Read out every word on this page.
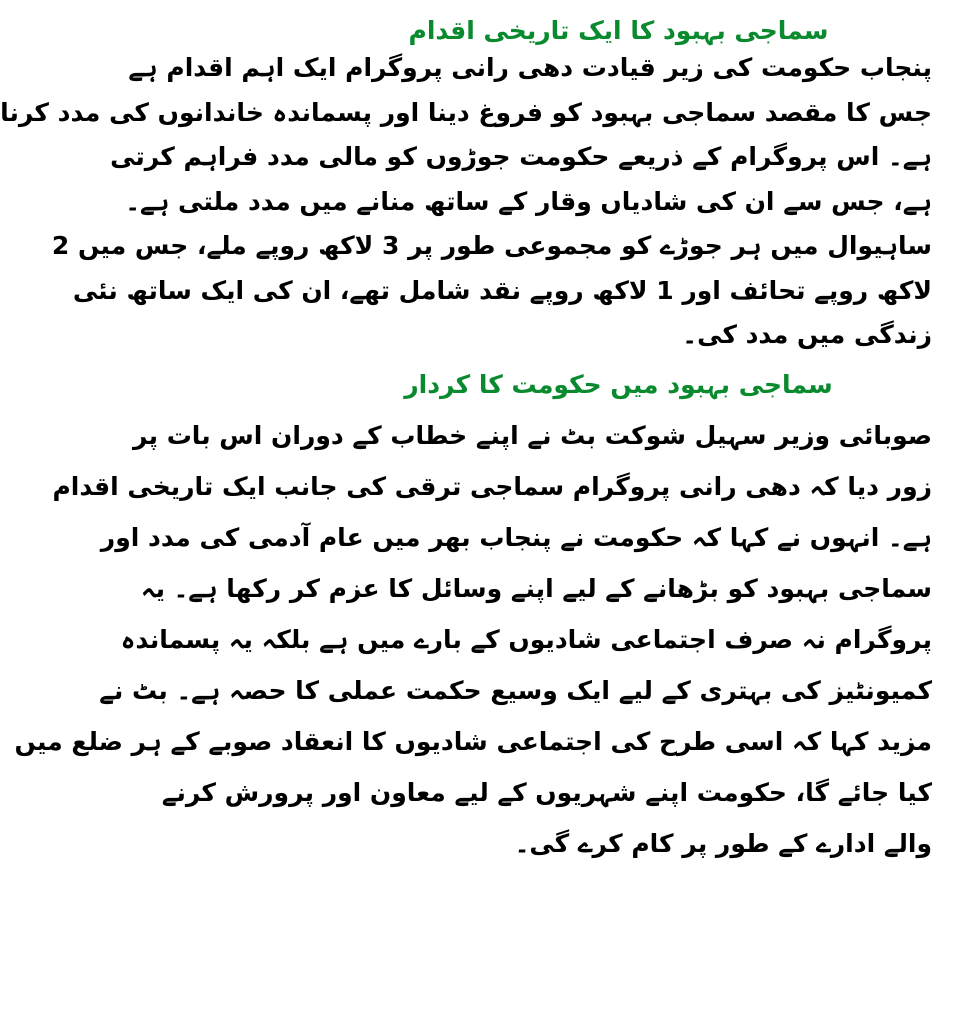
سماجی بہبود کا ایک تاریخی اقدام
پنجاب حکومت کی زیر قیادت دھی رانی پروگرام ایک اہم اقدام ہے
جس کا مقصد سماجی بہبود کو فروغ دینا اور پسماندہ خاندانوں کی مدد کرنا
ہے۔ اس پروگرام کے ذریعے حکومت جوڑوں کو مالی مدد فراہم کرتی
ہے، جس سے ان کی شادیاں وقار کے ساتھ منانے میں مدد ملتی ہے۔
ساہیوال میں ہر جوڑے کو مجموعی طور پر 3 لاکھ روپے ملے، جس میں 2
لاکھ روپے تحائف اور 1 لاکھ روپے نقد شامل تھے، ان کی ایک ساتھ نئی
زندگی میں مدد کی۔
سماجی بہبود میں حکومت کا کردار
صوبائی وزیر سہیل شوکت بٹ نے اپنے خطاب کے دوران اس بات پر
زور دیا کہ دھی رانی پروگرام سماجی ترقی کی جانب ایک تاریخی اقدام
ہے۔ انہوں نے کہا کہ حکومت نے پنجاب بھر میں عام آدمی کی مدد اور
سماجی بہبود کو بڑھانے کے لیے اپنے وسائل کا عزم کر رکھا ہے۔ یہ
پروگرام نہ صرف اجتماعی شادیوں کے بارے میں ہے بلکہ یہ پسماندہ
کمیونٹیز کی بہتری کے لیے ایک وسیع حکمت عملی کا حصہ ہے۔ بٹ نے
مزید کہا کہ اسی طرح کی اجتماعی شادیوں کا انعقاد صوبے کے ہر ضلع میں
کیا جائے گا، حکومت اپنے شہریوں کے لیے معاون اور پرورش کرنے
والے ادارے کے طور پر کام کرے گی۔
